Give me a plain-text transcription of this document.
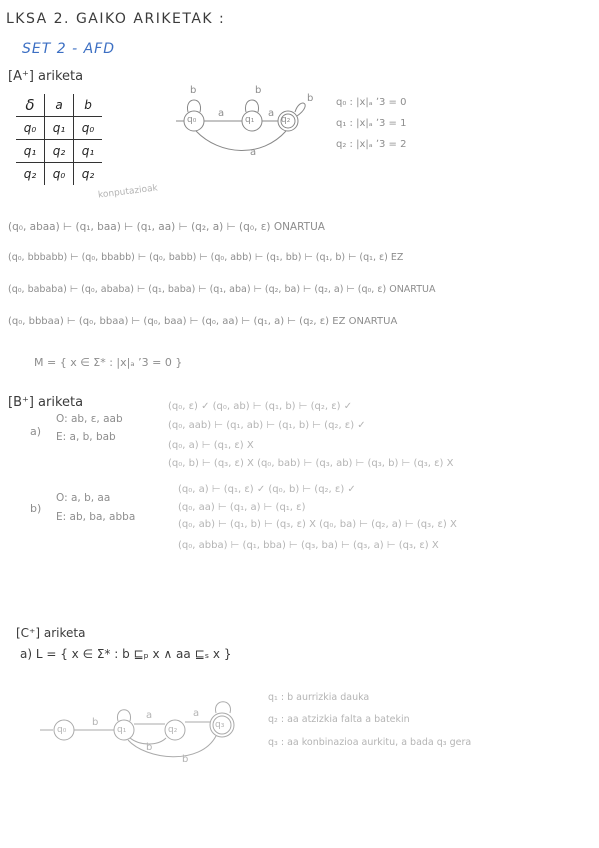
LKSA 2. GAIKO ARIKETAK :
SET 2 - AFD
[A⁺] ariketa
δ	a	b
q₀	q₁	q₀
q₁	q₂	q₁
q₂	q₀	q₂
q₀	q₁	q₂
b
a
b
a
b
a
q₀ : |x|ₐ ʼ3 = 0
q₁ : |x|ₐ ʼ3 = 1
q₂ : |x|ₐ ʼ3 = 2
konputazioak
(q₀, abaa) ⊢ (q₁, baa) ⊢ (q₁, aa) ⊢ (q₂, a) ⊢ (q₀, ε) ONARTUA
(q₀, bbbabb) ⊢ (q₀, bbabb) ⊢ (q₀, babb) ⊢ (q₀, abb) ⊢ (q₁, bb) ⊢ (q₁, b) ⊢ (q₁, ε) EZ
(q₀, bababa) ⊢ (q₀, ababa) ⊢ (q₁, baba) ⊢ (q₁, aba) ⊢ (q₂, ba) ⊢ (q₂, a) ⊢ (q₀, ε) ONARTUA
(q₀, bbbaa) ⊢ (q₀, bbaa) ⊢ (q₀, baa) ⊢ (q₀, aa) ⊢ (q₁, a) ⊢ (q₂, ε) EZ ONARTUA
M = { x ∈ Σ* : |x|ₐ ʼ3 = 0 }
[B⁺] ariketa
a)
O: ab, ε, aab
E: a, b, bab
(q₀, ε) ✓ (q₀, ab) ⊢ (q₁, b) ⊢ (q₂, ε) ✓
(q₀, aab) ⊢ (q₁, ab) ⊢ (q₁, b) ⊢ (q₂, ε) ✓
(q₀, a) ⊢ (q₁, ε) X
(q₀, b) ⊢ (q₃, ε) X (q₀, bab) ⊢ (q₃, ab) ⊢ (q₃, b) ⊢ (q₃, ε) X
b)
O: a, b, aa
E: ab, ba, abba
(q₀, a) ⊢ (q₁, ε) ✓ (q₀, b) ⊢ (q₂, ε) ✓
(q₀, aa) ⊢ (q₁, a) ⊢ (q₁, ε)
(q₀, ab) ⊢ (q₁, b) ⊢ (q₃, ε) X (q₀, ba) ⊢ (q₂, a) ⊢ (q₃, ε) X
(q₀, abba) ⊢ (q₁, bba) ⊢ (q₃, ba) ⊢ (q₃, a) ⊢ (q₃, ε) X
[C⁺] ariketa
a) L = { x ∈ Σ* : b ⊑ₚ x ∧ aa ⊑ₛ x }
q₀	q₁	q₂	q₃
b
a	a
b
b
q₁ : b aurrizkia dauka
q₂ : aa atzizkia falta a batekin
q₃ : aa konbinazioa aurkitu, a bada q₃ gera
